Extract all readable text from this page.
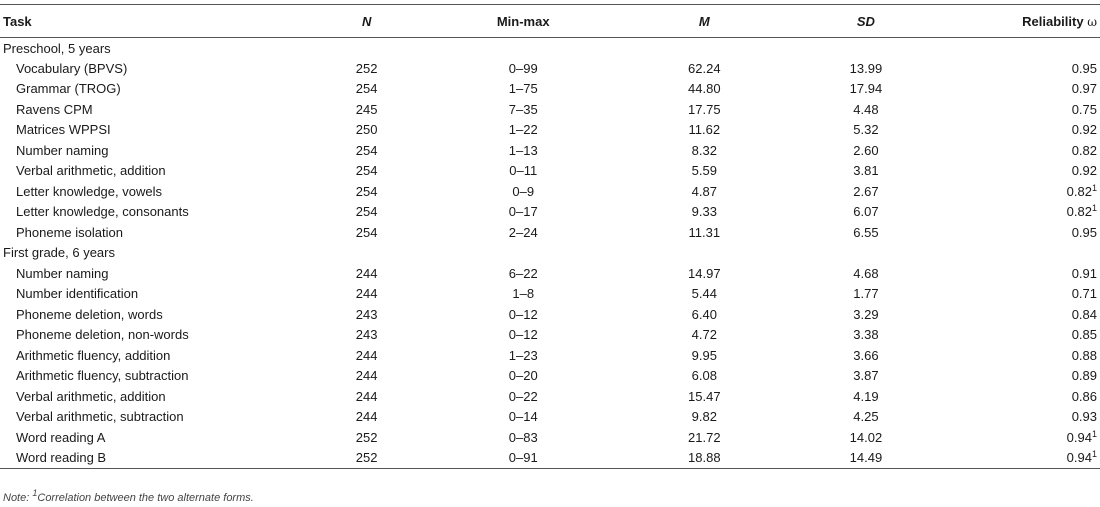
Task	N	Min-max	M	SD	Reliability ω
Preschool, 5 years					
Vocabulary (BPVS)	252	0–99	62.24	13.99	0.95
Grammar (TROG)	254	1–75	44.80	17.94	0.97
Ravens CPM	245	7–35	17.75	4.48	0.75
Matrices WPPSI	250	1–22	11.62	5.32	0.92
Number naming	254	1–13	8.32	2.60	0.82
Verbal arithmetic, addition	254	0–11	5.59	3.81	0.92
Letter knowledge, vowels	254	0–9	4.87	2.67	0.82$^1$
Letter knowledge, consonants	254	0–17	9.33	6.07	0.82$^1$
Phoneme isolation	254	2–24	11.31	6.55	0.95
First grade, 6 years					
Number naming	244	6–22	14.97	4.68	0.91
Number identification	244	1–8	5.44	1.77	0.71
Phoneme deletion, words	243	0–12	6.40	3.29	0.84
Phoneme deletion, non-words	243	0–12	4.72	3.38	0.85
Arithmetic fluency, addition	244	1–23	9.95	3.66	0.88
Arithmetic fluency, subtraction	244	0–20	6.08	3.87	0.89
Verbal arithmetic, addition	244	0–22	15.47	4.19	0.86
Verbal arithmetic, subtraction	244	0–14	9.82	4.25	0.93
Word reading A	252	0–83	21.72	14.02	0.94$^1$
Word reading B	252	0–91	18.88	14.49	0.94$^1$
Note: $^1$Correlation between the two alternate forms.
